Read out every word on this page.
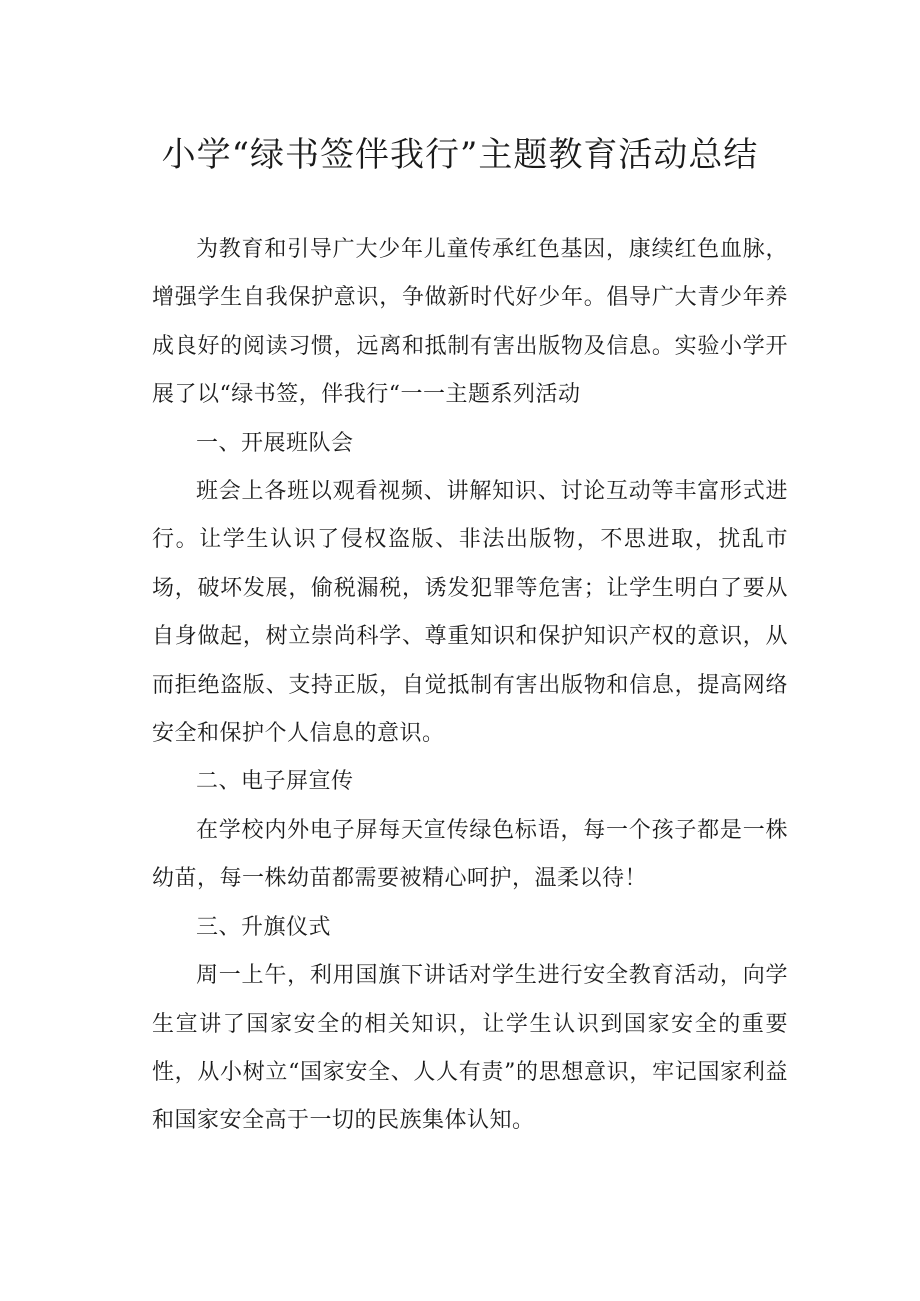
小学“绿书签伴我行”主题教育活动总结

为教育和引导广大少年儿童传承红色基因，康续红色血脉，增强学生自我保护意识，争做新时代好少年。倡导广大青少年养成良好的阅读习惯，远离和抵制有害出版物及信息。实验小学开展了以“绿书签，伴我行“一一主题系列活动

一、开展班队会

班会上各班以观看视频、讲解知识、讨论互动等丰富形式进行。让学生认识了侵权盗版、非法出版物，不思进取，扰乱市场，破坏发展，偷税漏税，诱发犯罪等危害；让学生明白了要从自身做起，树立崇尚科学、尊重知识和保护知识产权的意识，从而拒绝盗版、支持正版，自觉抵制有害出版物和信息，提高网络安全和保护个人信息的意识。

二、电子屏宣传

在学校内外电子屏每天宣传绿色标语，每一个孩子都是一株幼苗，每一株幼苗都需要被精心呵护，温柔以待！

三、升旗仪式

周一上午，利用国旗下讲话对学生进行安全教育活动，向学生宣讲了国家安全的相关知识，让学生认识到国家安全的重要性，从小树立“国家安全、人人有责”的思想意识，牢记国家利益和国家安全高于一切的民族集体认知。
